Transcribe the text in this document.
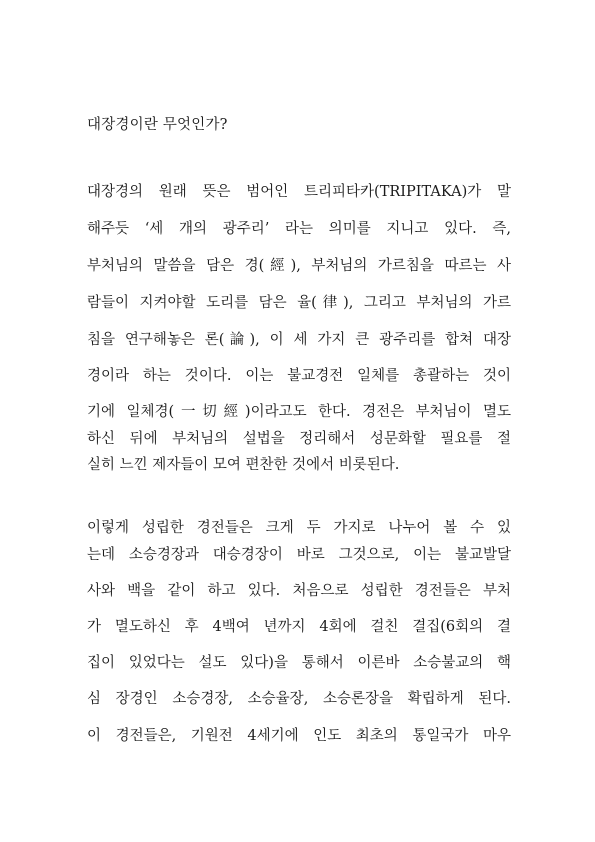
대장경이란 무엇인가?
대장경의 원래 뜻은 범어인 트리피타카(TRIPITAKA)가 말
해주듯 ‘세 개의 광주리’ 라는 의미를 지니고 있다. 즉,
부처님의 말씀을 담은 경(經), 부처님의 가르침을 따르는 사
람들이 지켜야할 도리를 담은 율(律), 그리고 부처님의 가르
침을 연구해놓은 론(論), 이 세 가지 큰 광주리를 합쳐 대장
경이라 하는 것이다. 이는 불교경전 일체를 총괄하는 것이
기에 일체경(一切經)이라고도 한다. 경전은 부처님이 멸도
하신 뒤에 부처님의 설법을 정리해서 성문화할 필요를 절
실히 느낀 제자들이 모여 편찬한 것에서 비롯된다.
이렇게 성립한 경전들은 크게 두 가지로 나누어 볼 수 있
는데 소승경장과 대승경장이 바로 그것으로, 이는 불교발달
사와 백을 같이 하고 있다. 처음으로 성립한 경전들은 부처
가 멸도하신 후 4백여 년까지 4회에 걸친 결집(6회의 결
집이 있었다는 설도 있다)을 통해서 이른바 소승불교의 핵
심 장경인 소승경장, 소승율장, 소승론장을 확립하게 된다.
이 경전들은, 기원전 4세기에 인도 최초의 통일국가 마우
